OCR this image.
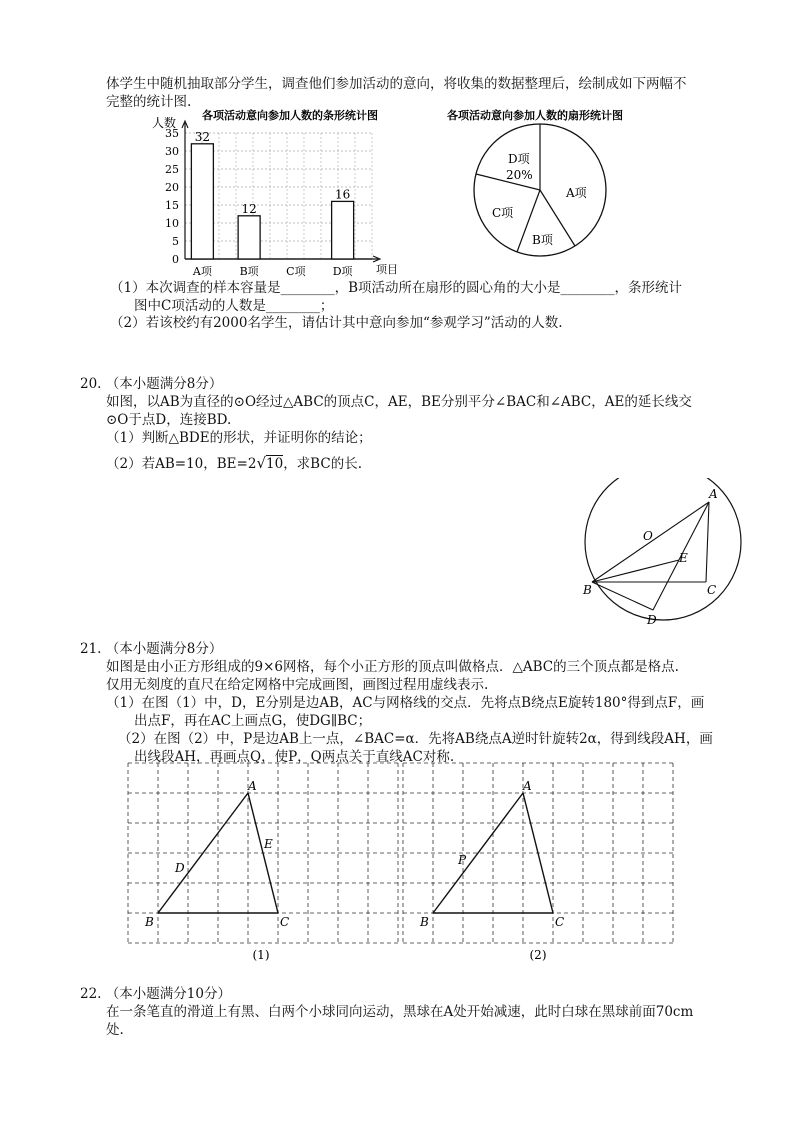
体学生中随机抽取部分学生，调查他们参加活动的意向，将收集的数据整理后，绘制成如下两幅不
完整的统计图.
各项活动意向参加人数的条形统计图
人数
0
5
10
15
20
25
30
35 32
12
16
A项	B项 C项 D项 项目
各项活动意向参加人数的扇形统计图
A项
B项
C项
D项
20%
（1）本次调查的样本容量是________，B项活动所在扇形的圆心角的大小是________，条形统计
图中C项活动的人数是________；
（2）若该校约有2000名学生，请估计其中意向参加“参观学习”活动的人数.
20. （本小题满分8分）
如图，以AB为直径的⊙O经过△ABC的顶点C，AE，BE分别平分∠BAC和∠ABC，AE的延长线交
⊙O于点D，连接BD.
（1）判断△BDE的形状，并证明你的结论；
（2）若AB=10，BE=2√10，求BC的长.
A
O
E
B	C
D
21. （本小题满分8分）
如图是由小正方形组成的9×6网格，每个小正方形的顶点叫做格点．△ABC的三个顶点都是格点.
仅用无刻度的直尺在给定网格中完成画图，画图过程用虚线表示.
（1）在图（1）中，D，E分别是边AB，AC与网格线的交点．先将点B绕点E旋转180°得到点F，画
出点F，再在AC上画点G，使DG∥BC；
（2）在图（2）中，P是边AB上一点，∠BAC=α．先将AB绕点A逆时针旋转2α，得到线段AH，画
出线段AH，再画点Q，使P，Q两点关于直线AC对称.
A
B	C
D
E
(1)
A
B	C
P
(2)
22. （本小题满分10分）
在一条笔直的滑道上有黑、白两个小球同向运动，黑球在A处开始减速，此时白球在黑球前面70cm
处.
